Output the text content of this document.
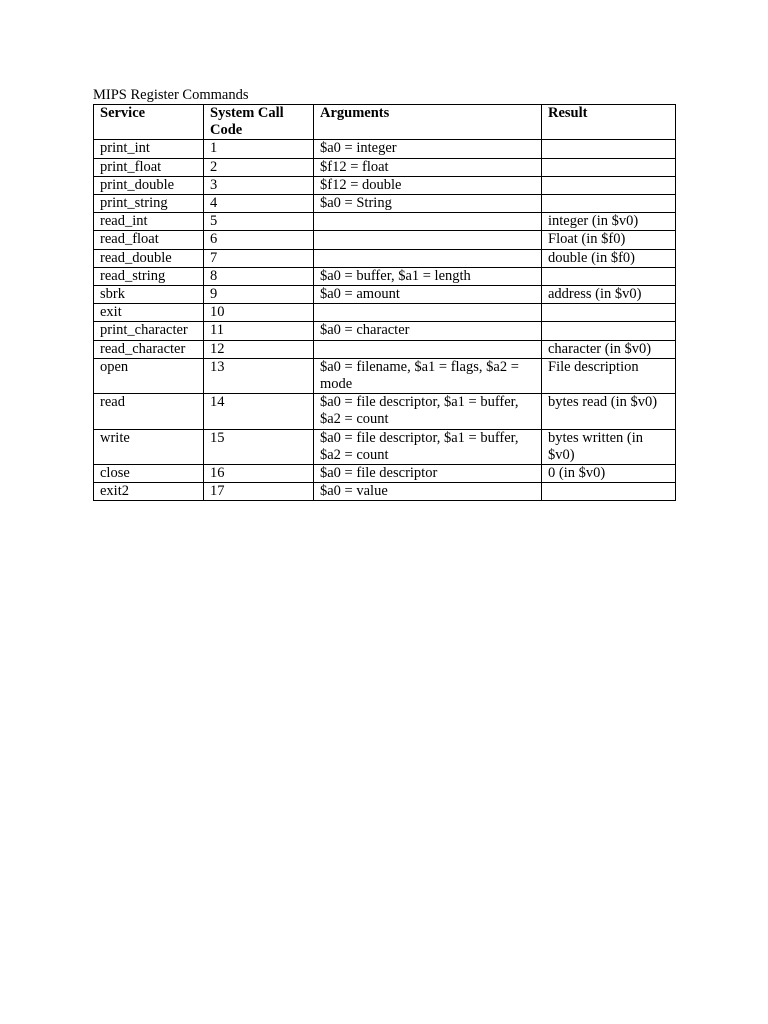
MIPS Register Commands
Service	System Call Code	Arguments	Result
print_int	1	$a0 = integer	
print_float	2	$f12 = float	
print_double	3	$f12 = double	
print_string	4	$a0 = String	
read_int	5		integer (in $v0)
read_float	6		Float (in $f0)
read_double	7		double (in $f0)
read_string	8	$a0 = buffer, $a1 = length	
sbrk	9	$a0 = amount	address (in $v0)
exit	10		
print_character	11	$a0 = character	
read_character	12		character (in $v0)
open	13	$a0 = filename, $a1 = flags, $a2 = mode	File description
read	14	$a0 = file descriptor, $a1 = buffer, $a2 = count	bytes read (in $v0)
write	15	$a0 = file descriptor, $a1 = buffer, $a2 = count	bytes written (in $v0)
close	16	$a0 = file descriptor	0 (in $v0)
exit2	17	$a0 = value	
